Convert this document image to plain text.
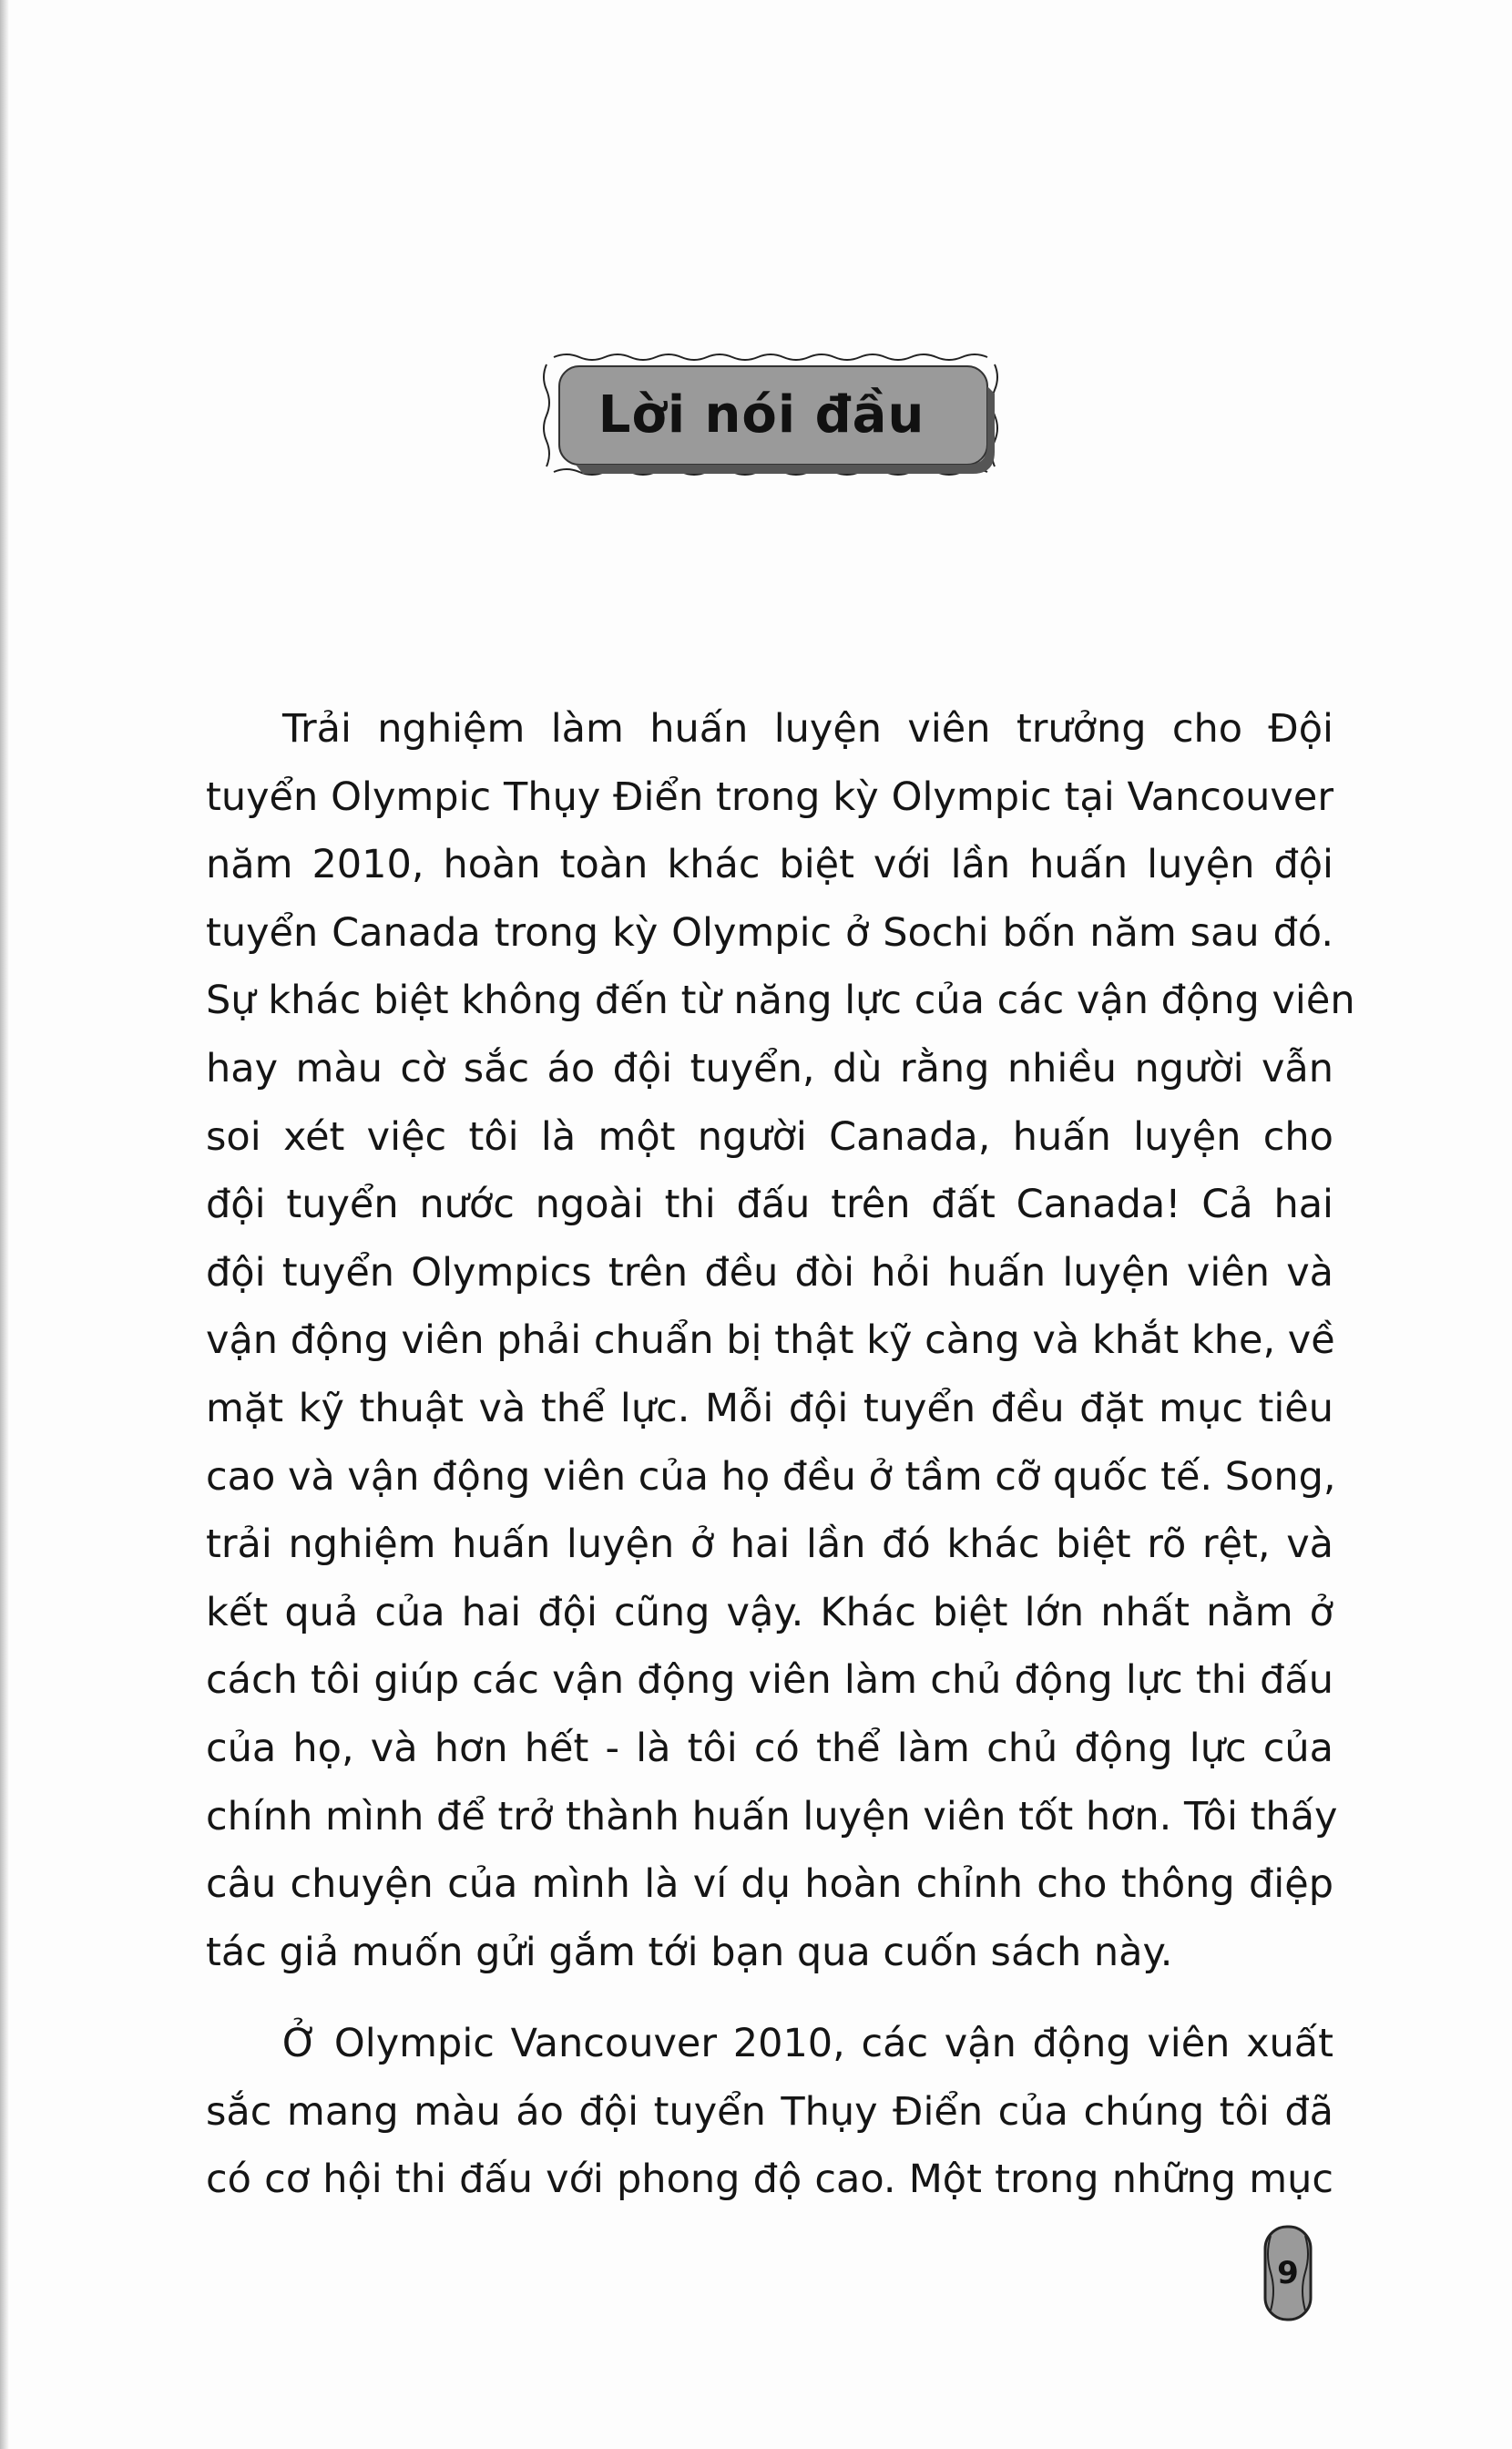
Lời nói đầu
Trải nghiệm làm huấn luyện viên trưởng cho Đội
tuyển Olympic Thụy Điển trong kỳ Olympic tại Vancouver
năm 2010, hoàn toàn khác biệt với lần huấn luyện đội
tuyển Canada trong kỳ Olympic ở Sochi bốn năm sau đó.
Sự khác biệt không đến từ năng lực của các vận động viên
hay màu cờ sắc áo đội tuyển, dù rằng nhiều người vẫn
soi xét việc tôi là một người Canada, huấn luyện cho
đội tuyển nước ngoài thi đấu trên đất Canada! Cả hai
đội tuyển Olympics trên đều đòi hỏi huấn luyện viên và
vận động viên phải chuẩn bị thật kỹ càng và khắt khe, về
mặt kỹ thuật và thể lực. Mỗi đội tuyển đều đặt mục tiêu
cao và vận động viên của họ đều ở tầm cỡ quốc tế. Song,
trải nghiệm huấn luyện ở hai lần đó khác biệt rõ rệt, và
kết quả của hai đội cũng vậy. Khác biệt lớn nhất nằm ở
cách tôi giúp các vận động viên làm chủ động lực thi đấu
của họ, và hơn hết - là tôi có thể làm chủ động lực của
chính mình để trở thành huấn luyện viên tốt hơn. Tôi thấy
câu chuyện của mình là ví dụ hoàn chỉnh cho thông điệp
tác giả muốn gửi gắm tới bạn qua cuốn sách này.
Ở Olympic Vancouver 2010, các vận động viên xuất
sắc mang màu áo đội tuyển Thụy Điển của chúng tôi đã
có cơ hội thi đấu với phong độ cao. Một trong những mục
9
